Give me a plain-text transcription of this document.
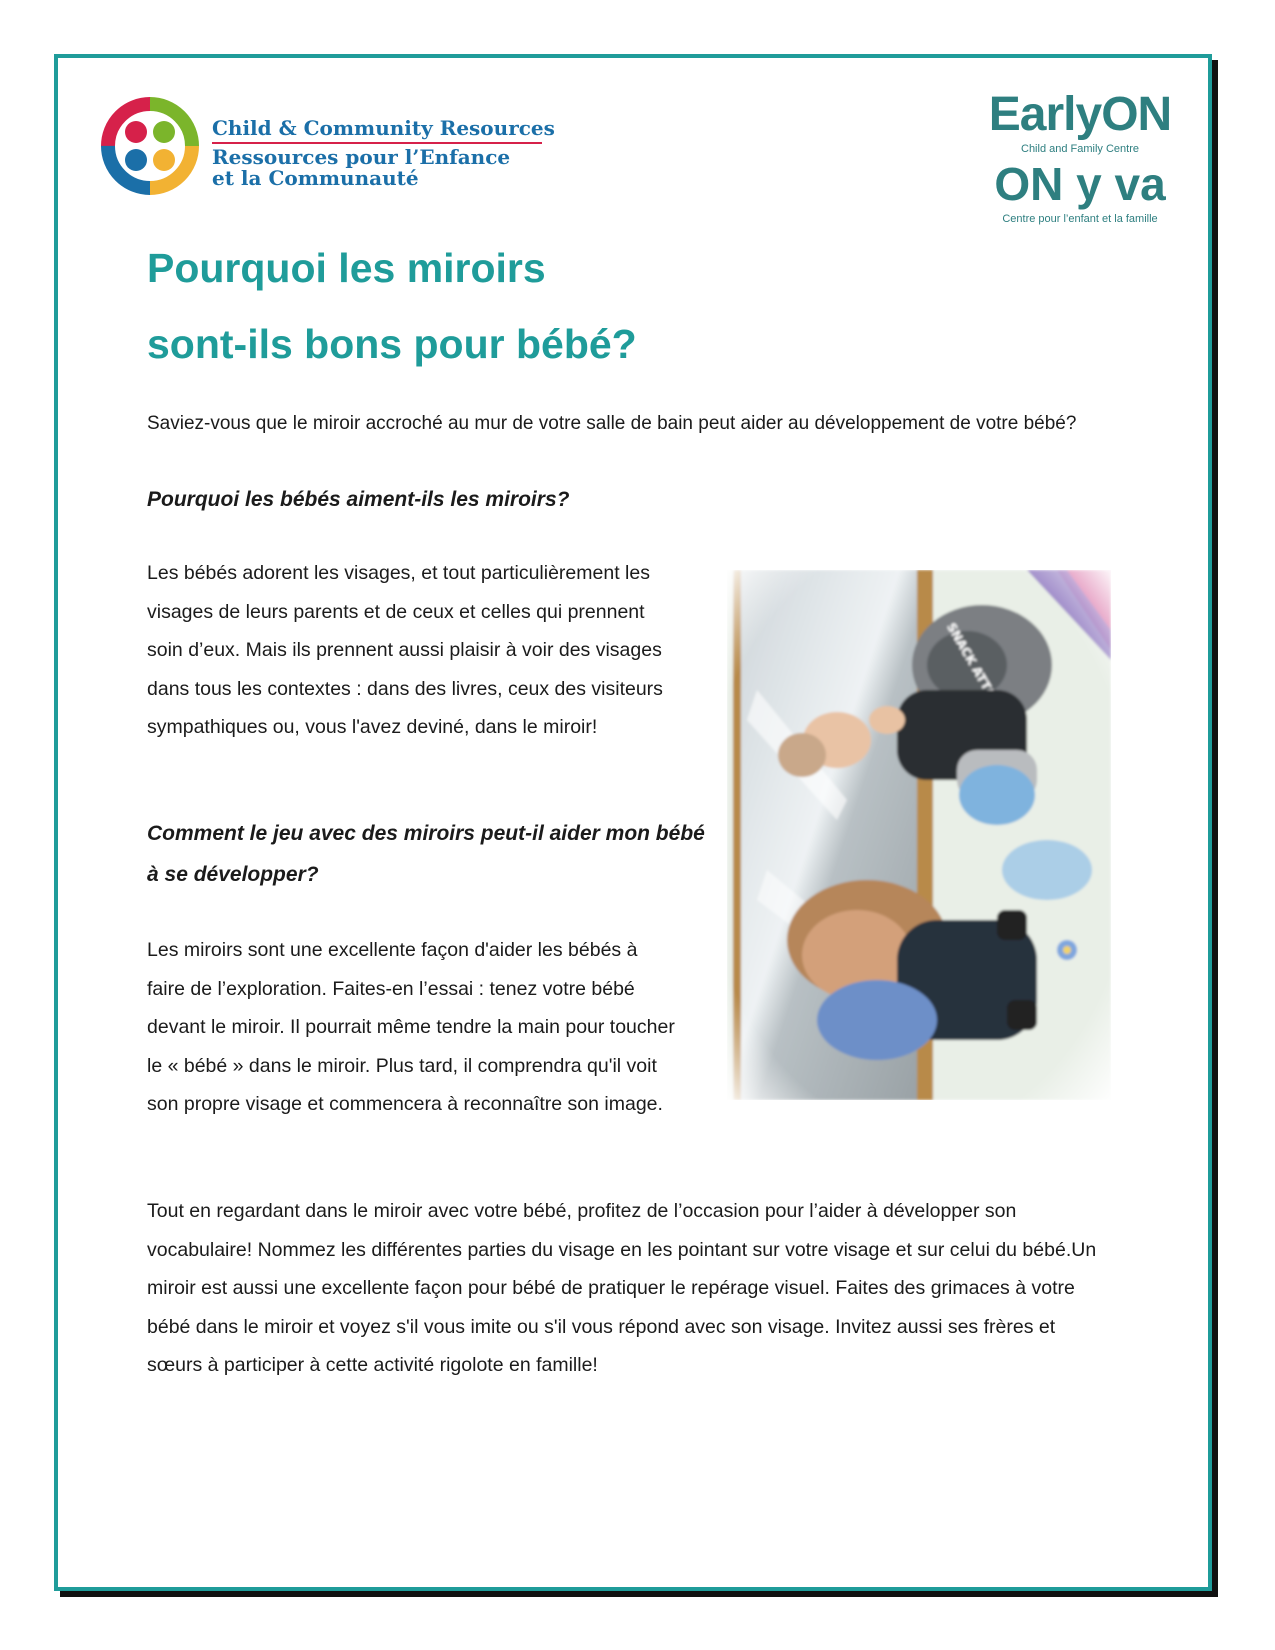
Child & Community Resources
Ressources pour l’Enfance
et la Communauté
EarlyON
Child and Family Centre
ON y va
Centre pour l’enfant et la famille
Pourquoi les miroirs
sont-ils bons pour bébé?

Saviez-vous que le miroir accroché au mur de votre salle de bain peut aider au développement de votre bébé?

Pourquoi les bébés aiment-ils les miroirs?

Les bébés adorent les visages, et tout particulièrement les visages de leurs parents et de ceux et celles qui prennent soin d’eux. Mais ils prennent aussi plaisir à voir des visages dans tous les contextes : dans des livres, ceux des visiteurs sympathiques ou, vous l'avez deviné, dans le miroir!

Comment le jeu avec des miroirs peut-il aider mon bébé à se développer?

Les miroirs sont une excellente façon d'aider les bébés à faire de l’exploration. Faites-en l’essai : tenez votre bébé devant le miroir. Il pourrait même tendre la main pour toucher le « bébé » dans le miroir. Plus tard, il comprendra qu'il voit son propre visage et commencera à reconnaître son image.

Tout en regardant dans le miroir avec votre bébé, profitez de l’occasion pour l’aider à développer son vocabulaire! Nommez les différentes parties du visage en les pointant sur votre visage et sur celui du bébé.Un miroir est aussi une excellente façon pour bébé de pratiquer le repérage visuel. Faites des grimaces à votre bébé dans le miroir et voyez s'il vous imite ou s'il vous répond avec son visage. Invitez aussi ses frères et sœurs à participer à cette activité rigolote en famille!
